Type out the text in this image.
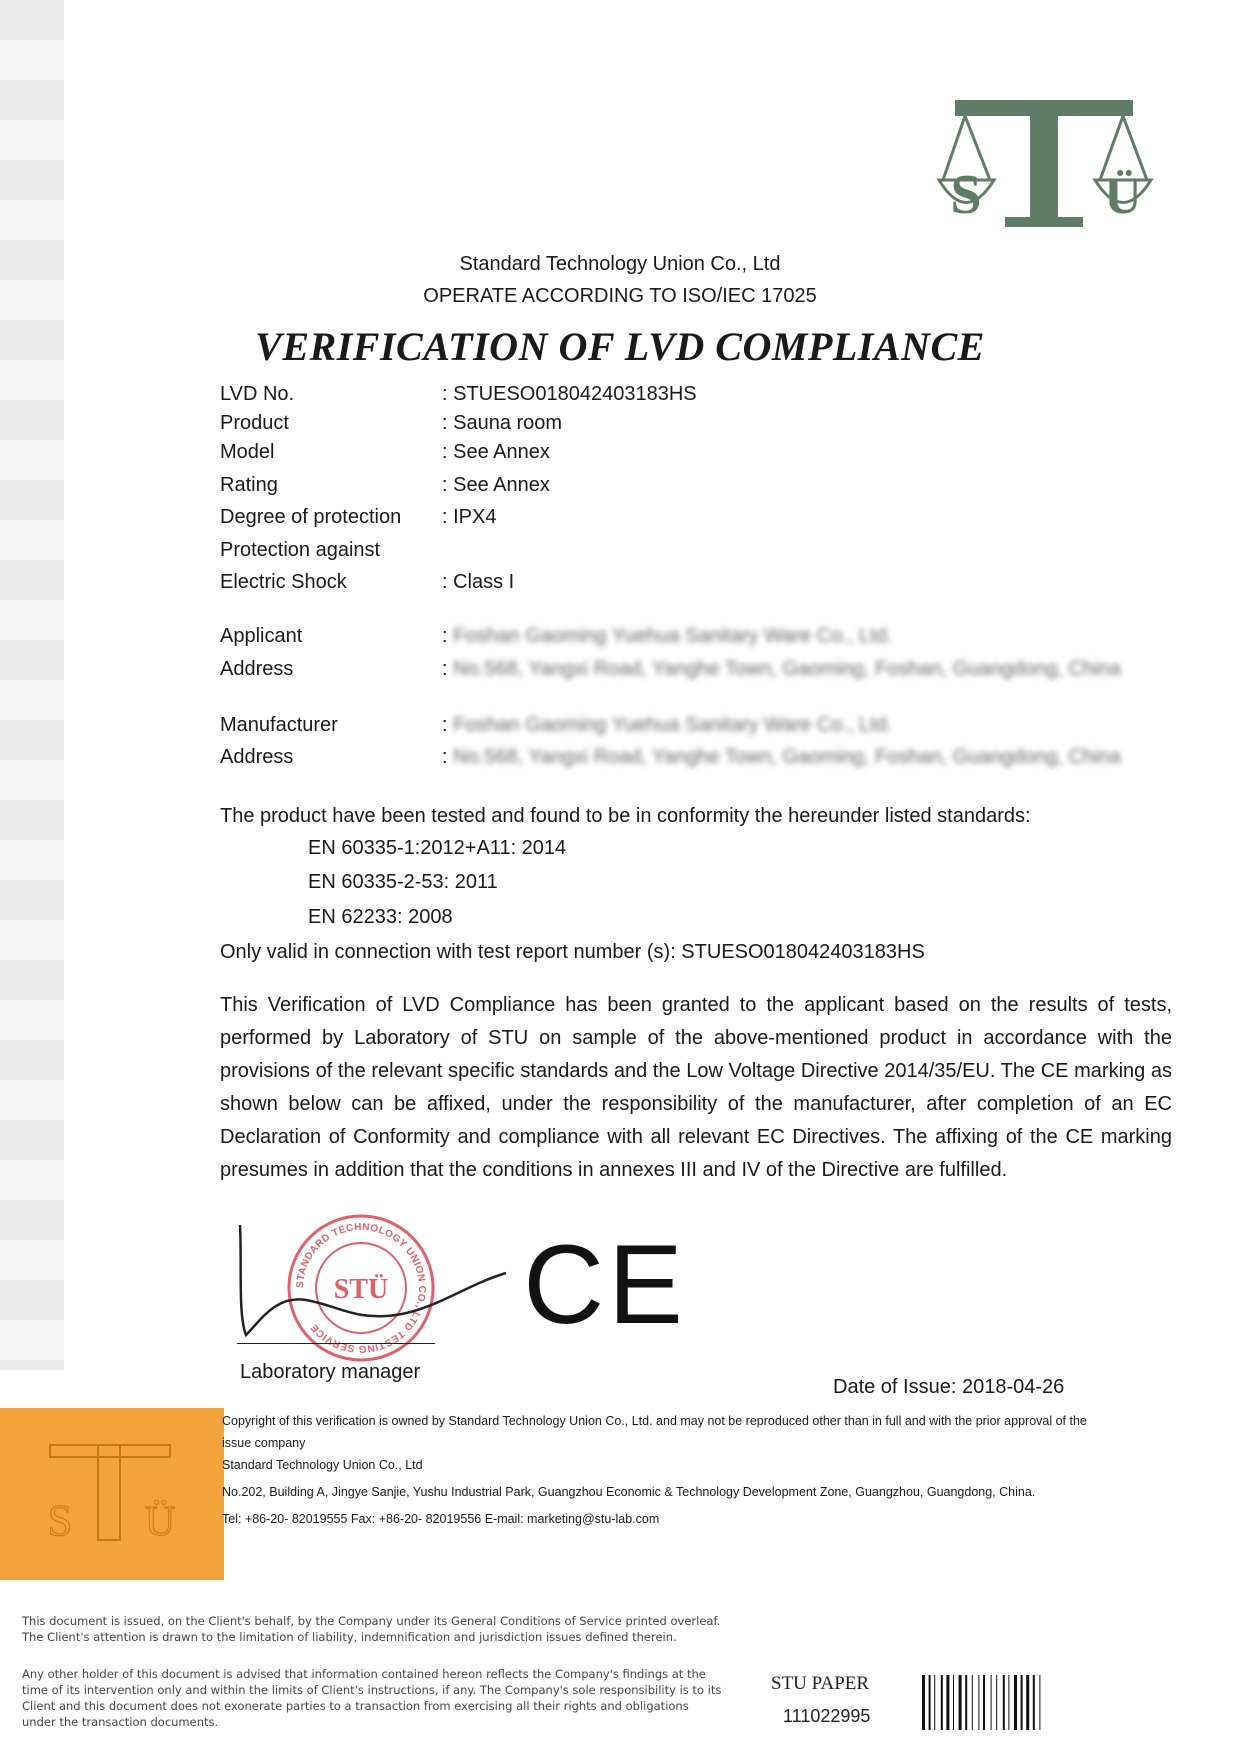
S Ü
Standard Technology Union Co., Ltd
OPERATE ACCORDING TO ISO/IEC 17025
VERIFICATION OF LVD COMPLIANCE
LVD No.	: STUESO018042403183HS
Product	: Sauna room
Model	: See Annex
Rating	: See Annex
Degree of protection : IPX4
Protection against
Electric Shock	: Class I
Applicant	: Foshan Gaoming Yuehua Sanitary Ware Co., Ltd.
Address	: No.568, Yangxi Road, Yanghe Town, Gaoming, Foshan, Guangdong, China
Manufacturer	: Foshan Gaoming Yuehua Sanitary Ware Co., Ltd.
Address	: No.568, Yangxi Road, Yanghe Town, Gaoming, Foshan, Guangdong, China
The product have been tested and found to be in conformity the hereunder listed standards:
EN 60335-1:2012+A11: 2014
EN 60335-2-53: 2011
EN 62233: 2008
Only valid in connection with test report number (s): STUESO018042403183HS
This Verification of LVD Compliance has been granted to the applicant based on the results of tests, performed by Laboratory of STU on sample of the above-mentioned product in accordance with the provisions of the relevant specific standards and the Low Voltage Directive 2014/35/EU. The CE marking as shown below can be affixed, under the responsibility of the manufacturer, after completion of an EC Declaration of Conformity and compliance with all relevant EC Directives. The affixing of the CE marking presumes in addition that the conditions in annexes III and IV of the Directive are fulfilled.
STANDARD TECHNOLOGY UNION CO., LTD TESTING SERVICE
STÜ CE
Laboratory manager
Date of Issue: 2018-04-26
S Ü
Copyright of this verification is owned by Standard Technology Union Co., Ltd. and may not be reproduced other than in full and with the prior approval of the
issue company
Standard Technology Union Co., Ltd
No.202, Building A, Jingye Sanjie, Yushu Industrial Park, Guangzhou Economic & Technology Development Zone, Guangzhou, Guangdong, China.
Tel: +86-20- 82019555 Fax: +86-20- 82019556 E-mail: marketing@stu-lab.com
This document is issued, on the Client's behalf, by the Company under its General Conditions of Service printed overleaf.
The Client's attention is drawn to the limitation of liability, indemnification and jurisdiction issues defined therein.
Any other holder of this document is advised that information contained hereon reflects the Company's findings at the
time of its intervention only and within the limits of Client's instructions, if any. The Company's sole responsibility is to its
Client and this document does not exonerate parties to a transaction from exercising all their rights and obligations
under the transaction documents.
STU PAPER
111022995
